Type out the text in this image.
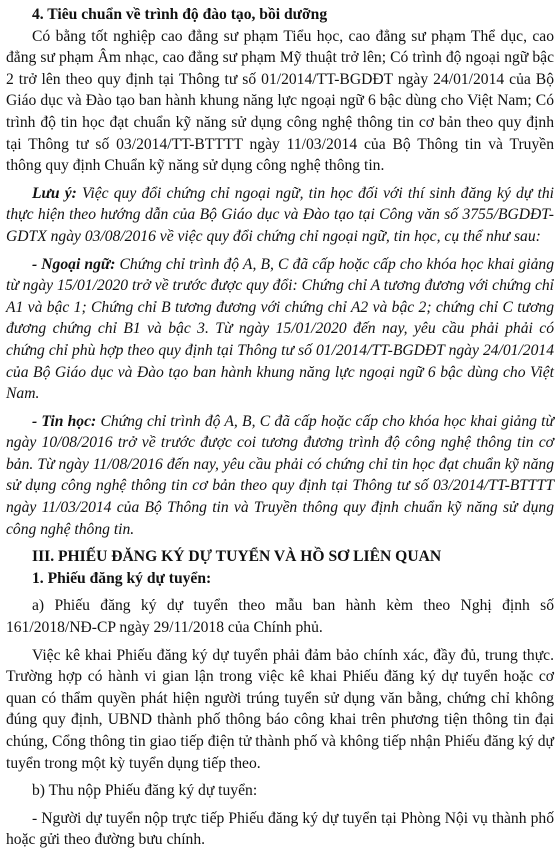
4. Tiêu chuẩn về trình độ đào tạo, bồi dưỡng

Có bằng tốt nghiệp cao đẳng sư phạm Tiểu học, cao đẳng sư phạm Thể dục, cao đẳng sư phạm Âm nhạc, cao đẳng sư phạm Mỹ thuật trở lên; Có trình độ ngoại ngữ bậc 2 trở lên theo quy định tại Thông tư số 01/2014/TT-BGDĐT ngày 24/01/2014 của Bộ Giáo dục và Đào tạo ban hành khung năng lực ngoại ngữ 6 bậc dùng cho Việt Nam; Có trình độ tin học đạt chuẩn kỹ năng sử dụng công nghệ thông tin cơ bản theo quy định tại Thông tư số 03/2014/TT-BTTTT ngày 11/03/2014 của Bộ Thông tin và Truyền thông quy định Chuẩn kỹ năng sử dụng công nghệ thông tin.

Lưu ý: Việc quy đổi chứng chỉ ngoại ngữ, tin học đối với thí sinh đăng ký dự thi thực hiện theo hướng dẫn của Bộ Giáo dục và Đào tạo tại Công văn số 3755/BGDĐT-GDTX ngày 03/08/2016 về việc quy đổi chứng chỉ ngoại ngữ, tin học, cụ thể như sau:

- Ngoại ngữ: Chứng chỉ trình độ A, B, C đã cấp hoặc cấp cho khóa học khai giảng từ ngày 15/01/2020 trở về trước được quy đổi: Chứng chỉ A tương đương với chứng chỉ A1 và bậc 1; Chứng chỉ B tương đương với chứng chỉ A2 và bậc 2; chứng chỉ C tương đương chứng chỉ B1 và bậc 3. Từ ngày 15/01/2020 đến nay, yêu cầu phải phải có chứng chỉ phù hợp theo quy định tại Thông tư số 01/2014/TT-BGDĐT ngày 24/01/2014 của Bộ Giáo dục và Đào tạo ban hành khung năng lực ngoại ngữ 6 bậc dùng cho Việt Nam.

- Tin học: Chứng chỉ trình độ A, B, C đã cấp hoặc cấp cho khóa học khai giảng từ ngày 10/08/2016 trở về trước được coi tương đương trình độ công nghệ thông tin cơ bản. Từ ngày 11/08/2016 đến nay, yêu cầu phải có chứng chỉ tin học đạt chuẩn kỹ năng sử dụng công nghệ thông tin cơ bản theo quy định tại Thông tư số 03/2014/TT-BTTTT ngày 11/03/2014 của Bộ Thông tin và Truyền thông quy định chuẩn kỹ năng sử dụng công nghệ thông tin.

III. PHIẾU ĐĂNG KÝ DỰ TUYỂN VÀ HỒ SƠ LIÊN QUAN

1. Phiếu đăng ký dự tuyển:

a) Phiếu đăng ký dự tuyển theo mẫu ban hành kèm theo Nghị định số 161/2018/NĐ-CP ngày 29/11/2018 của Chính phủ.

Việc kê khai Phiếu đăng ký dự tuyển phải đảm bảo chính xác, đầy đủ, trung thực. Trường hợp có hành vi gian lận trong việc kê khai Phiếu đăng ký dự tuyển hoặc cơ quan có thẩm quyền phát hiện người trúng tuyển sử dụng văn bằng, chứng chỉ không đúng quy định, UBND thành phố thông báo công khai trên phương tiện thông tin đại chúng, Cổng thông tin giao tiếp điện tử thành phố và không tiếp nhận Phiếu đăng ký dự tuyển trong một kỳ tuyển dụng tiếp theo.

b) Thu nộp Phiếu đăng ký dự tuyển:

- Người dự tuyển nộp trực tiếp Phiếu đăng ký dự tuyển tại Phòng Nội vụ thành phố hoặc gửi theo đường bưu chính.
